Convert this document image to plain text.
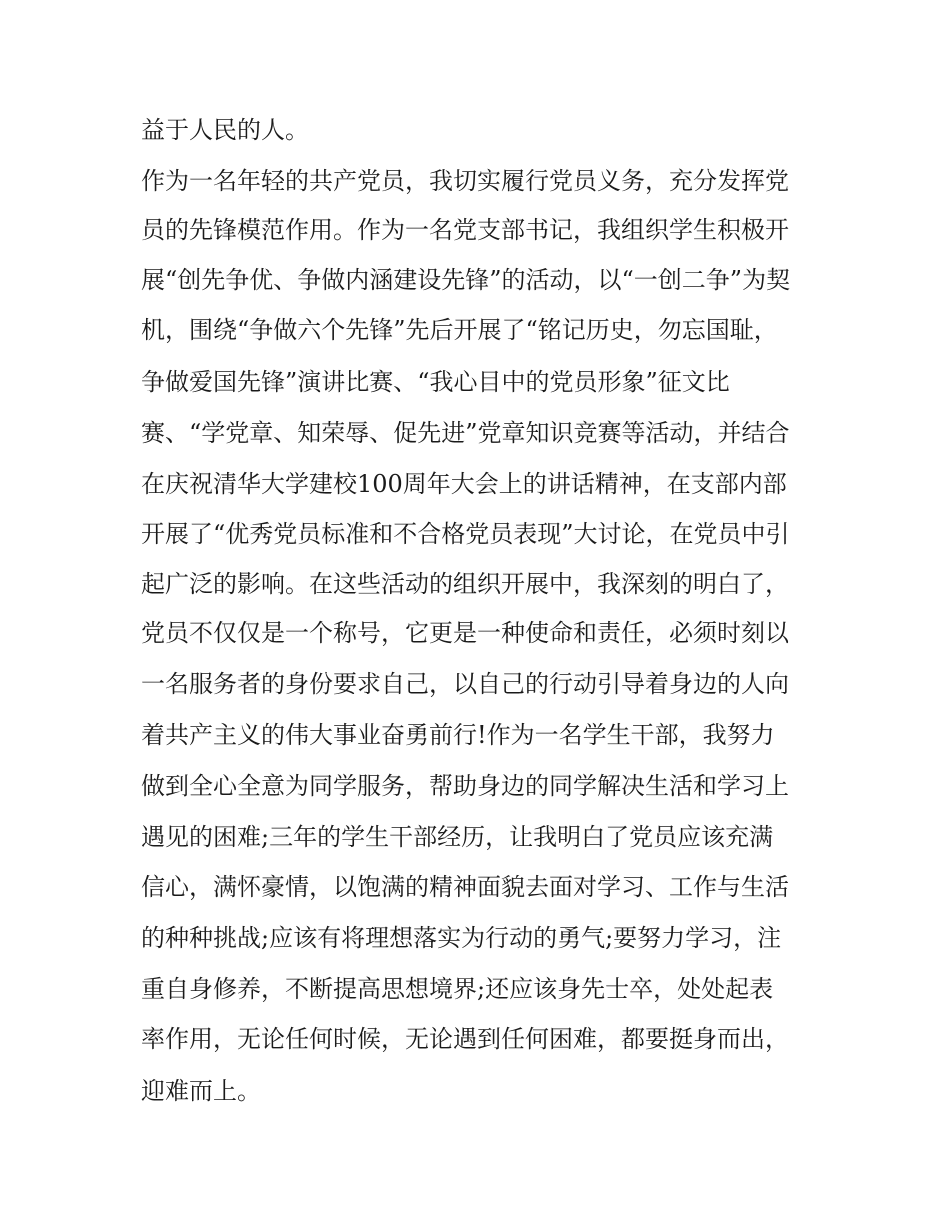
益于人民的人。

作为一名年轻的共产党员，我切实履行党员义务，充分发挥党

员的先锋模范作用。作为一名党支部书记，我组织学生积极开

展“创先争优、争做内涵建设先锋”的活动，以“一创二争”为契

机，围绕“争做六个先锋”先后开展了“铭记历史，勿忘国耻，

争做爱国先锋”演讲比赛、“我心目中的党员形象”征文比

赛、“学党章、知荣辱、促先进”党章知识竞赛等活动，并结合

在庆祝清华大学建校100周年大会上的讲话精神，在支部内部

开展了“优秀党员标准和不合格党员表现”大讨论，在党员中引

起广泛的影响。在这些活动的组织开展中，我深刻的明白了，

党员不仅仅是一个称号，它更是一种使命和责任，必须时刻以

一名服务者的身份要求自己，以自己的行动引导着身边的人向

着共产主义的伟大事业奋勇前行!作为一名学生干部，我努力

做到全心全意为同学服务，帮助身边的同学解决生活和学习上

遇见的困难;三年的学生干部经历，让我明白了党员应该充满

信心，满怀豪情，以饱满的精神面貌去面对学习、工作与生活

的种种挑战;应该有将理想落实为行动的勇气;要努力学习，注

重自身修养，不断提高思想境界;还应该身先士卒，处处起表

率作用，无论任何时候，无论遇到任何困难，都要挺身而出，

迎难而上。
